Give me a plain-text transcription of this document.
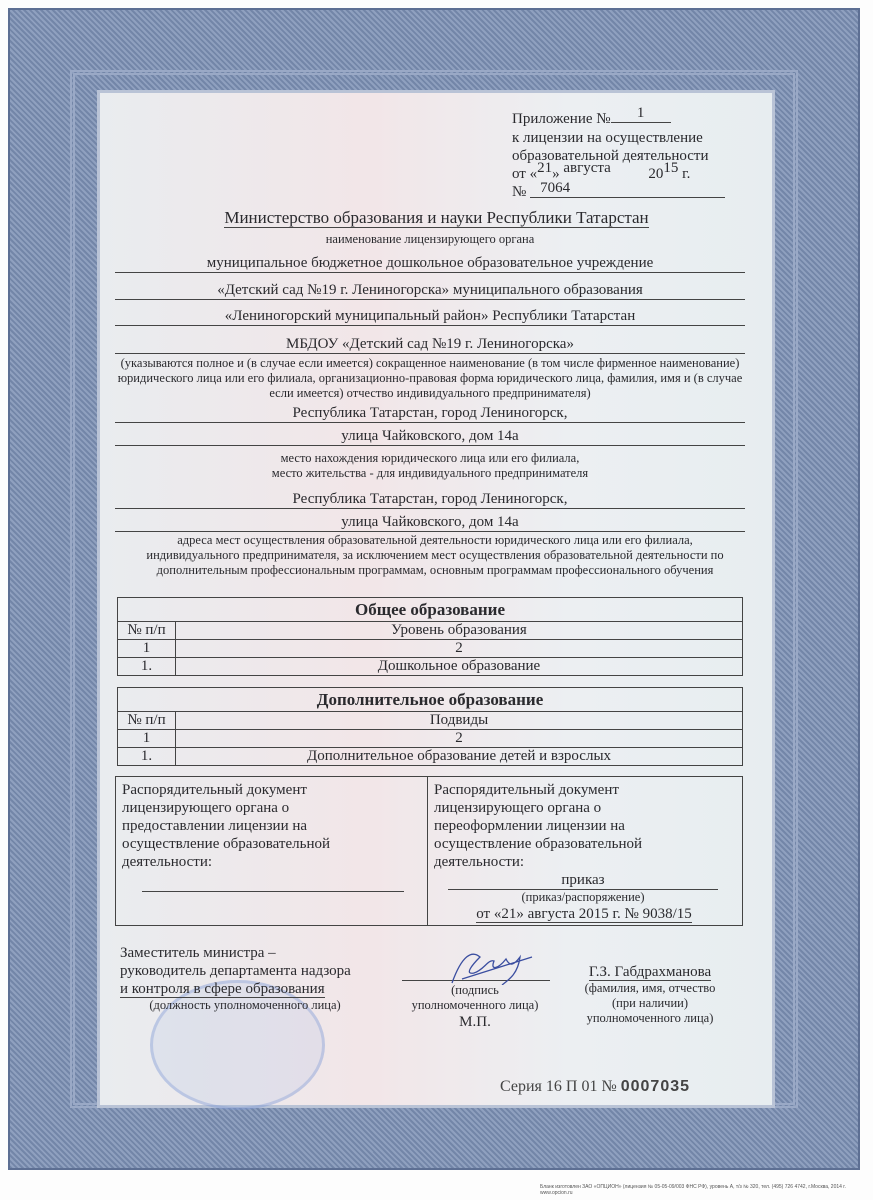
Приложение № 1
к лицензии на осуществление
образовательной деятельности
от «21» августа	2015 г.
№ 7064
Министерство образования и науки Республики Татарстан
наименование лицензирующего органа
муниципальное бюджетное дошкольное образовательное учреждение
«Детский сад №19 г. Лениногорска» муниципального образования
«Лениногорский муниципальный район» Республики Татарстан
МБДОУ «Детский сад №19 г. Лениногорска»
(указываются полное и (в случае если имеется) сокращенное наименование (в том числе фирменное наименование) юридического лица или его филиала, организационно-правовая форма юридического лица, фамилия, имя и (в случае если имеется) отчество индивидуального предпринимателя)
Республика Татарстан, город Лениногорск,
улица Чайковского, дом 14а
место нахождения юридического лица или его филиала,
место жительства - для индивидуального предпринимателя
Республика Татарстан, город Лениногорск,
улица Чайковского, дом 14а
адреса мест осуществления образовательной деятельности юридического лица или его филиала, индивидуального предпринимателя, за исключением мест осуществления образовательной деятельности по дополнительным профессиональным программам, основным программам профессионального обучения
Общее образование	
№ п/п	Уровень образования
1	2
1.	Дошкольное образование
Дополнительное образование	
№ п/п	Подвиды
1	2
1.	Дополнительное образование детей и взрослых
Распорядительный документ лицензирующего органа о предоставлении лицензии на осуществление образовательной деятельности:
Распорядительный документ лицензирующего органа о переоформлении лицензии на осуществление образовательной деятельности:
приказ
(приказ/распоряжение)
от «21» августа 2015 г. № 9038/15
Заместитель министра –
руководитель департамента надзора
и контроля в сфере образования
(должность уполномоченного лица)
(подпись
уполномоченного лица)
М.П.
Г.З. Габдрахманова
(фамилия, имя, отчество
(при наличии)
уполномоченного лица)
Серия 16 П 01 № 0007035
Бланк изготовлен ЗАО «ОПЦИОН» (лицензия № 05-05-09/003 ФНС РФ), уровень А, т/з № 320, тел. (495) 726 4742, г.Москва, 2014 г. www.opcion.ru
